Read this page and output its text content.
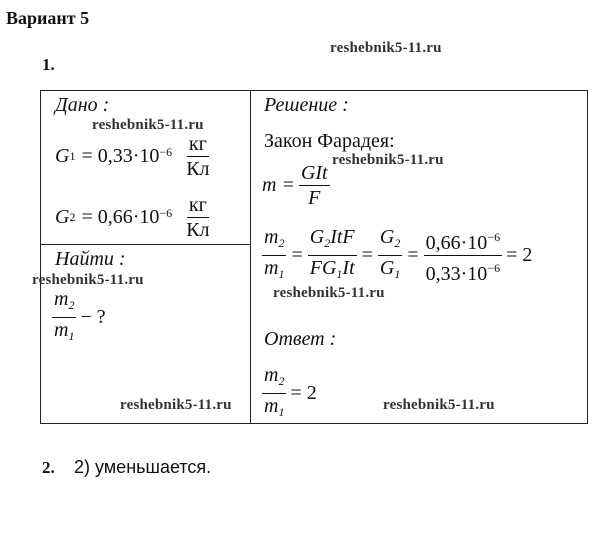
Вариант 5
1.
reshebnik5-11.ru
reshebnik5-11.ru
reshebnik5-11.ru
reshebnik5-11.ru
reshebnik5-11.ru
reshebnik5-11.ru	reshebnik5-11.ru
Дано :
G $1 = 0,33\cdot 10^{-6} \frac{кг}{Кл}$
G $2 = 0,66\cdot 10^{-6} \frac{кг}{Кл}$
Найти :
$\frac{m_2}{m_1}$ − ?
Решение :
Закон Фарадея:
$m = \frac{\text{GIt}}{F}$
$\frac{m_2}{m_1} = \frac{G_2ItF}{FG_1It} = \frac{G_2}{G_1} = \frac{0,66\cdot 10^{-6}}{0,33\cdot 10^{-6}} = 2$
Ответ :
$\frac{m_2}{m_1} = 2$
2. 2) уменьшается.
